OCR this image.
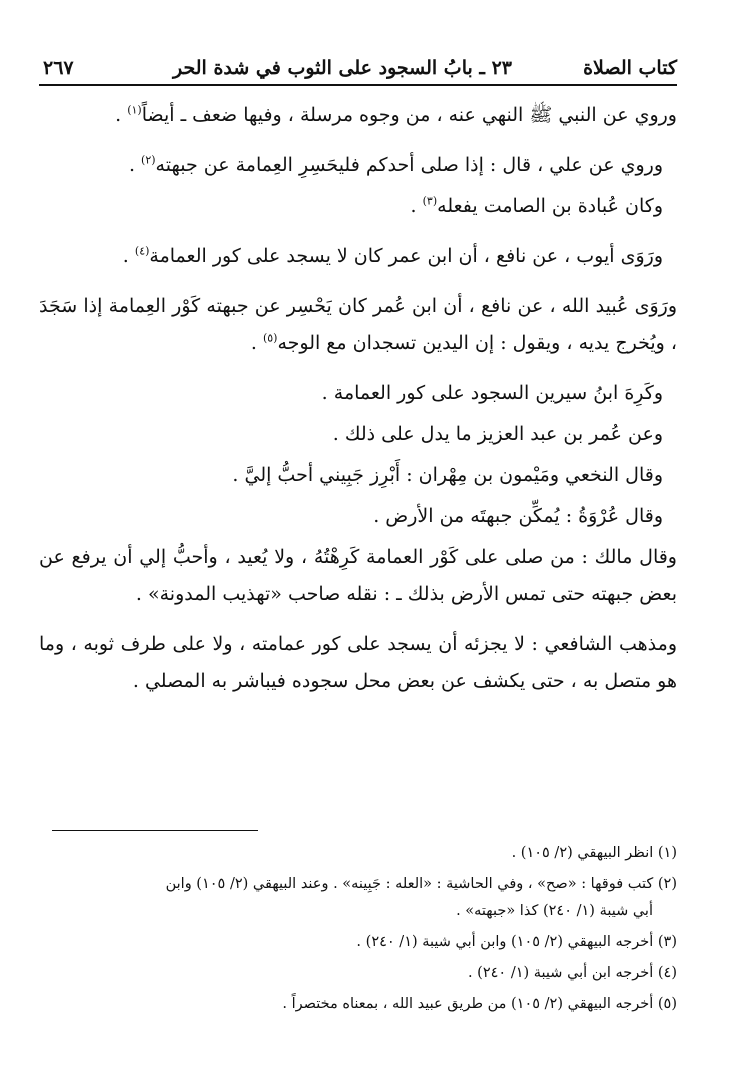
كتاب الصلاة
٢٣ ـ بابُ السجود على الثوب في شدة الحر
٢٦٧

وروي عن النبي ﷺ النهي عنه ، من وجوه مرسلة ، وفيها ضعف ـ أيضاً$^{(١)}$ .

وروي عن علي ، قال : إذا صلى أحدكم فليحَسِرِ العِمامة عن جبهته$^{(٢)}$ .

وكان عُبادة بن الصامت يفعله$^{(٣)}$ .

ورَوَى أيوب ، عن نافع ، أن ابن عمر كان لا يسجد على كور العمامة$^{(٤)}$ .

ورَوَى عُبيد الله ، عن نافع ، أن ابن عُمر كان يَحْسِر عن جبهته كَوْر العِمامة إذا سَجَدَ ، ويُخرج يديه ، ويقول : إن اليدين تسجدان مع الوجه$^{(٥)}$ .

وكَرِهَ ابنُ سيرين السجود على كور العمامة .

وعن عُمر بن عبد العزيز ما يدل على ذلك .

وقال النخعي ومَيْمون بن مِهْران : أَبْرِز جَبِيني أحبُّ إليَّ .

وقال عُرْوَةُ : يُمكِّن جبهتَه من الأرض .

وقال مالك : من صلى على كَوْر العمامة كَرِهْتُهُ ، ولا يُعيد ، وأحبُّ إلي أن يرفع عن بعض جبهته حتى تمس الأرض بذلك ـ : نقله صاحب «تهذيب المدونة» .

ومذهب الشافعي : لا يجزئه أن يسجد على كور عمامته ، ولا على طرف ثوبه ، وما هو متصل به ، حتى يكشف عن بعض محل سجوده فيباشر به المصلي .

(١) انظر البيهقي (٢/ ١٠٥) .
(٢) كتب فوقها : «صح» ، وفي الحاشية : «العله : جَبِينه» . وعند البيهقي (٢/ ١٠٥) وابن
أبي شيبة (١/ ٢٤٠) كذا «جبهته» .
(٣) أخرجه البيهقي (٢/ ١٠٥) وابن أبي شيبة (١/ ٢٤٠) .
(٤) أخرجه ابن أبي شيبة (١/ ٢٤٠) .
(٥) أخرجه البيهقي (٢/ ١٠٥) من طريق عبيد الله ، بمعناه مختصراً .
